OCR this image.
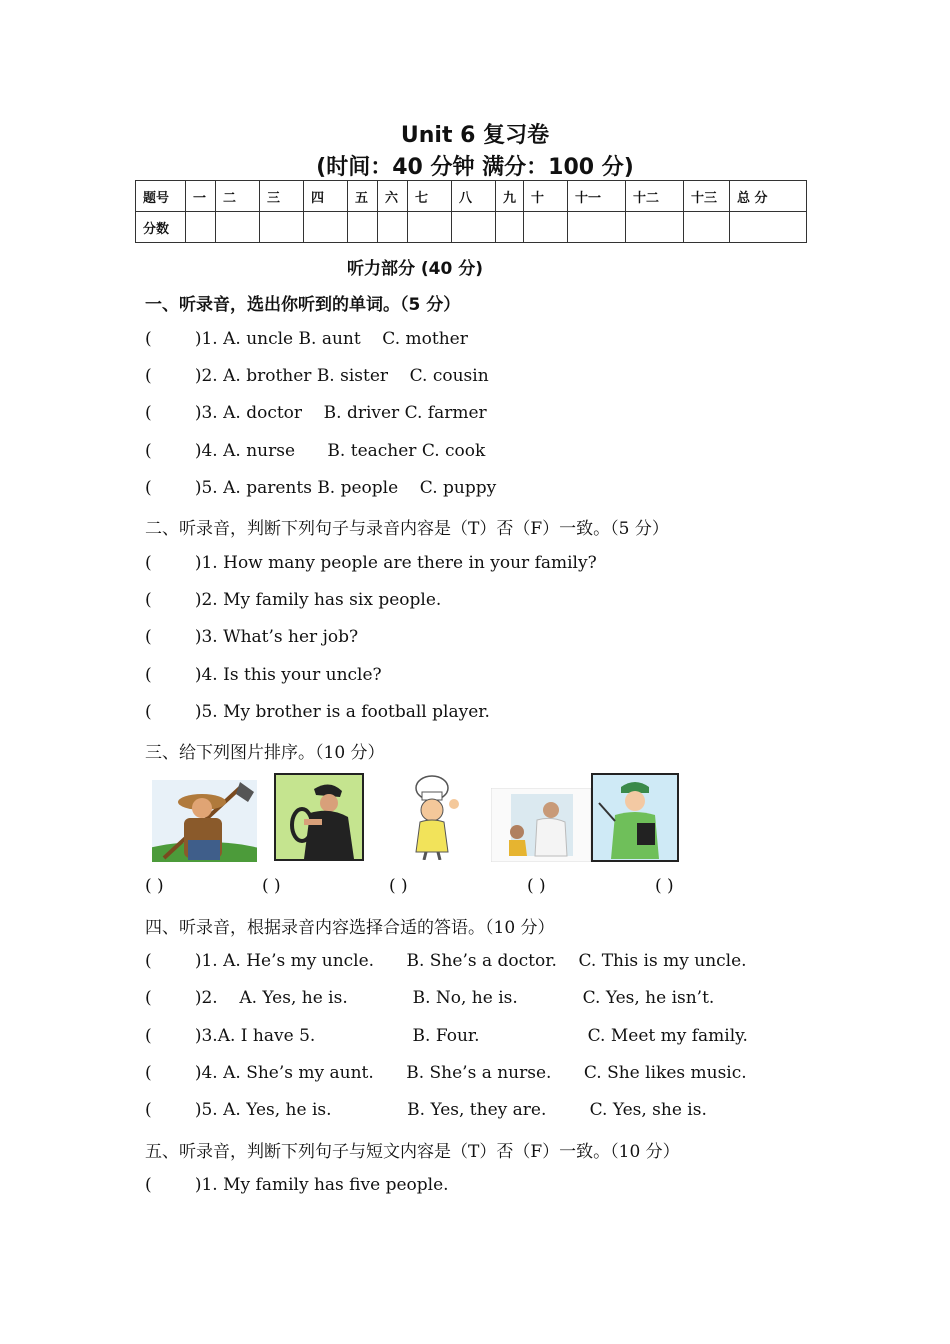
Unit 6 复习卷
(时间：40 分钟 满分：100 分)
题号	一	二	三	四	五	六	七	八	九	十	十一	十二	十三	总 分
分数														
听力部分 (40 分)
一、听录音，选出你听到的单词。（5 分）
(        )1. A. uncle B. aunt    C. mother
(        )2. A. brother B. sister    C. cousin
(        )3. A. doctor    B. driver C. farmer
(        )4. A. nurse      B. teacher C. cook
(        )5. A. parents B. people    C. puppy
二、听录音，判断下列句子与录音内容是（T）否（F）一致。（5 分）
(        )1. How many people are there in your family?
(        )2. My family has six people.
(        )3. What’s her job?
(        )4. Is this your uncle?
(        )5. My brother is a football player.
三、给下列图片排序。（10 分）
( )	( )	( )	( )	( )
四、听录音，根据录音内容选择合适的答语。（10 分）
(        )1. A. He’s my uncle.      B. She’s a doctor.    C. This is my uncle.
(        )2.    A. Yes, he is.            B. No, he is.            C. Yes, he isn’t.
(        )3.A. I have 5.                  B. Four.                    C. Meet my family.
(        )4. A. She’s my aunt.      B. She’s a nurse.      C. She likes music.
(        )5. A. Yes, he is.              B. Yes, they are.        C. Yes, she is.
五、听录音，判断下列句子与短文内容是（T）否（F）一致。（10 分）
(        )1. My family has five people.
